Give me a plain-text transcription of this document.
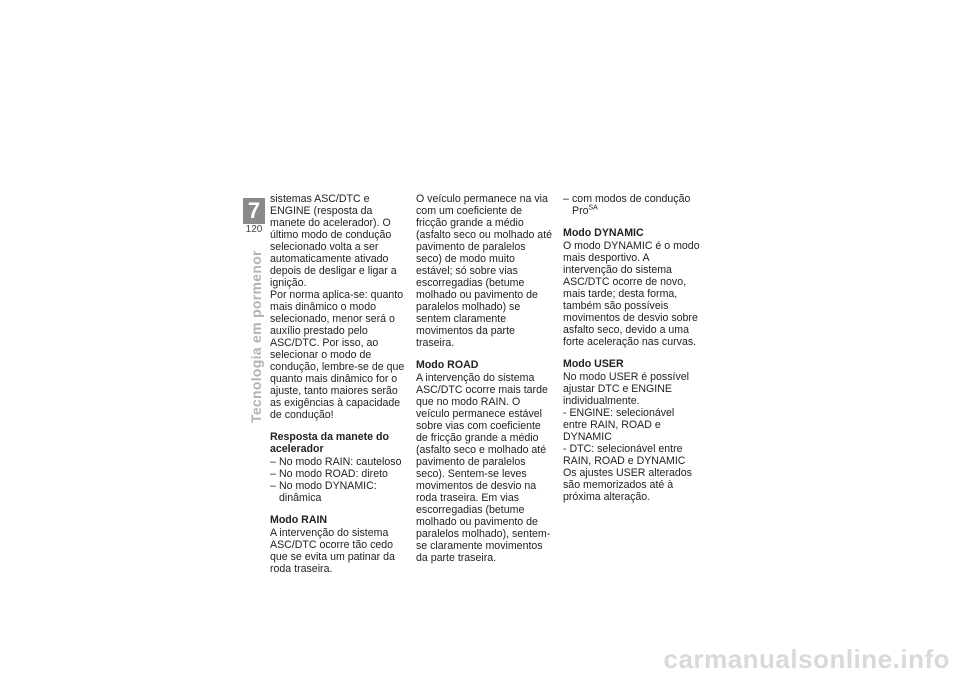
7
120
Tecnologia em pormenor

sistemas ASC/DTC e ENGINE (resposta da manete do acelerador). O último modo de condução selecionado volta a ser automaticamente ativado depois de desligar e ligar a ignição.

Por norma aplica-se: quanto mais dinâmico o modo selecionado, menor será o auxílio prestado pelo ASC/DTC. Por isso, ao selecionar o modo de condução, lembre-se de que quanto mais dinâmico for o ajuste, tanto maiores serão as exigências à capacidade de condução!

Resposta da manete do acelerador

– No modo RAIN: cauteloso

– No modo ROAD: direto

– No modo DYNAMIC: dinâmica

Modo RAIN

A intervenção do sistema ASC/DTC ocorre tão cedo que se evita um patinar da roda traseira.

O veículo permanece na via com um coeficiente de fricção grande a médio (asfalto seco ou molhado até pavimento de paralelos seco) de modo muito estável; só sobre vias escorregadias (betume molhado ou pavimento de paralelos molhado) se sentem claramente movimentos da parte traseira.

Modo ROAD

A intervenção do sistema ASC/DTC ocorre mais tarde que no modo RAIN. O veículo permanece estável sobre vias com coeficiente de fricção grande a médio (asfalto seco e molhado até pavimento de paralelos seco). Sentem-se leves movimentos de desvio na roda traseira. Em vias escorregadias (betume molhado ou pavimento de paralelos molhado), sentem-se claramente movimentos da parte traseira.

– com modos de condução

Pro$^{SA}$

Modo DYNAMIC

O modo DYNAMIC é o modo mais desportivo. A intervenção do sistema ASC/DTC ocorre de novo, mais tarde; desta forma, também são possíveis movimentos de desvio sobre asfalto seco, devido a uma forte aceleração nas curvas.

Modo USER

No modo USER é possível ajustar DTC e ENGINE individualmente.

- ENGINE: selecionável entre RAIN, ROAD e DYNAMIC

- DTC: selecionável entre RAIN, ROAD e DYNAMIC

Os ajustes USER alterados são memorizados até à próxima alteração.

carmanualsonline.info
